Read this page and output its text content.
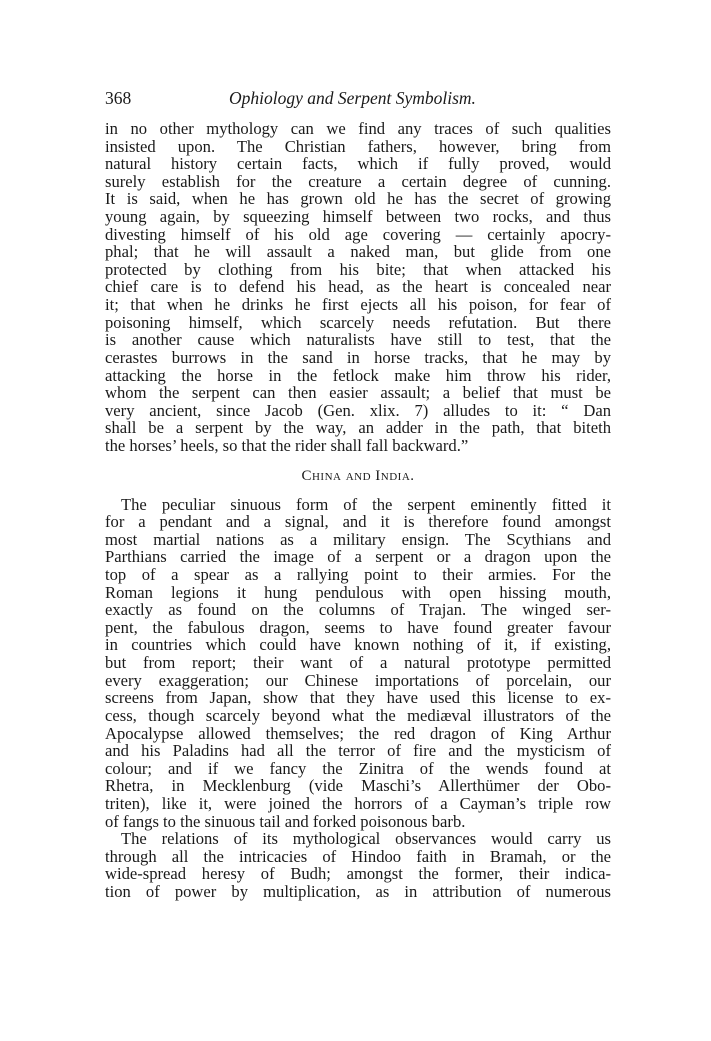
368	Ophiology and Serpent Symbolism.
in no other mythology can we find any traces of such qualities
insisted upon. The Christian fathers, however, bring from
natural history certain facts, which if fully proved, would
surely establish for the creature a certain degree of cunning.
It is said, when he has grown old he has the secret of growing
young again, by squeezing himself between two rocks, and thus
divesting himself of his old age covering — certainly apocry-
phal; that he will assault a naked man, but glide from one
protected by clothing from his bite; that when attacked his
chief care is to defend his head, as the heart is concealed near
it; that when he drinks he first ejects all his poison, for fear of
poisoning himself, which scarcely needs refutation. But there
is another cause which naturalists have still to test, that the
cerastes burrows in the sand in horse tracks, that he may by
attacking the horse in the fetlock make him throw his rider,
whom the serpent can then easier assault; a belief that must be
very ancient, since Jacob (Gen. xlix. 7) alludes to it: “ Dan
shall be a serpent by the way, an adder in the path, that biteth
the horses’ heels, so that the rider shall fall backward.”
China and India.
The peculiar sinuous form of the serpent eminently fitted it
for a pendant and a signal, and it is therefore found amongst
most martial nations as a military ensign. The Scythians and
Parthians carried the image of a serpent or a dragon upon the
top of a spear as a rallying point to their armies. For the
Roman legions it hung pendulous with open hissing mouth,
exactly as found on the columns of Trajan. The winged ser-
pent, the fabulous dragon, seems to have found greater favour
in countries which could have known nothing of it, if existing,
but from report; their want of a natural prototype permitted
every exaggeration; our Chinese importations of porcelain, our
screens from Japan, show that they have used this license to ex-
cess, though scarcely beyond what the mediæval illustrators of the
Apocalypse allowed themselves; the red dragon of King Arthur
and his Paladins had all the terror of fire and the mysticism of
colour; and if we fancy the Zinitra of the wends found at
Rhetra, in Mecklenburg (vide Maschi’s Allerthümer der Obo-
triten), like it, were joined the horrors of a Cayman’s triple row
of fangs to the sinuous tail and forked poisonous barb.
The relations of its mythological observances would carry us
through all the intricacies of Hindoo faith in Bramah, or the
wide-spread heresy of Budh; amongst the former, their indica-
tion of power by multiplication, as in attribution of numerous
